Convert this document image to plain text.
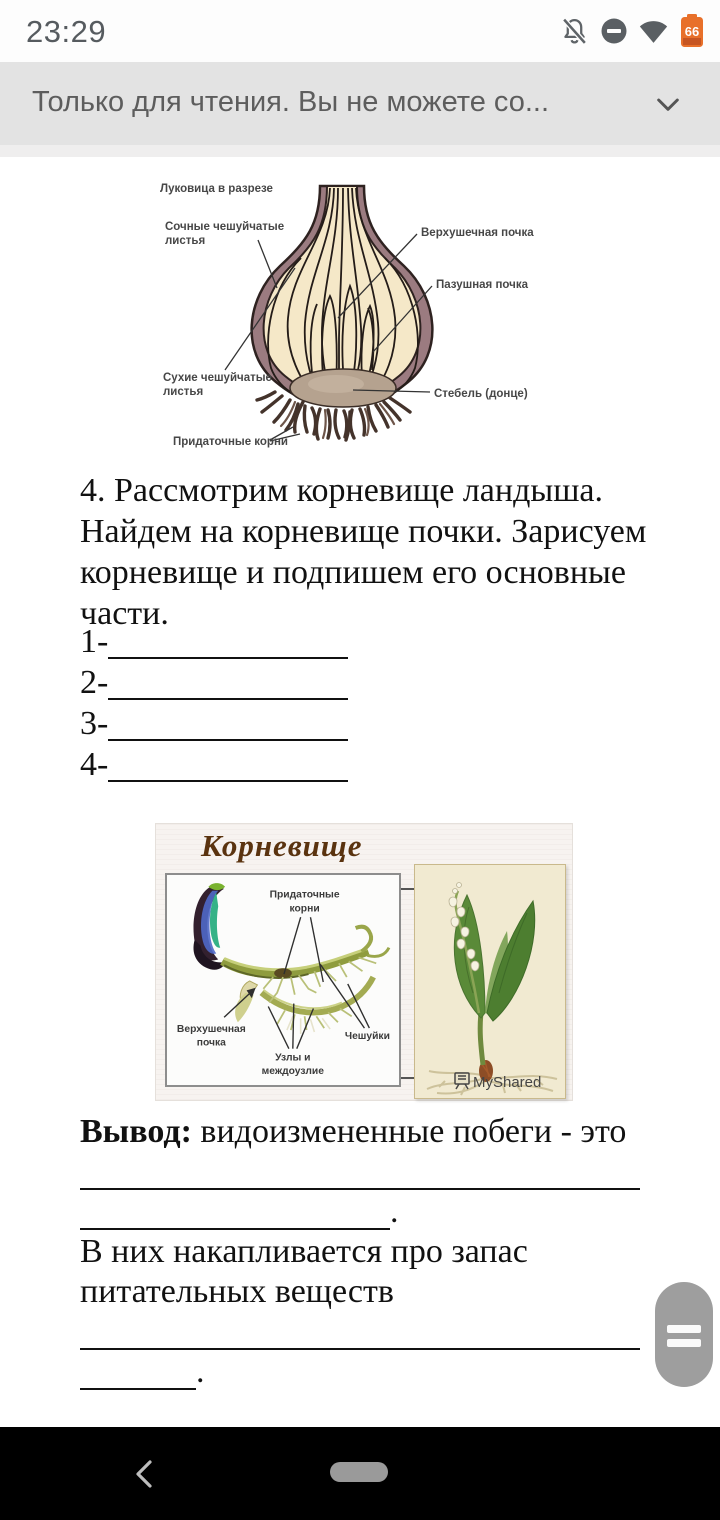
23:29	66
Только для чтения. Вы не можете со...
Луковица в разрезе
Сочные чешуйчатые
листья
Верхушечная почка
Пазушная почка
Сухие чешуйчатые
листья	Стебель (донце)
Придаточные корни
4. Рассмотрим корневище ландыша.
Найдем на корневище почки. Зарисуем
корневище и подпишем его основные
части.
1-
2-
3-
4-
Корневище
Придаточные
корни
Верхушечная
почка
Узлы и
междоузлие
Чешуйки
MyShared
Вывод: видоизмененные побеги - это
.
В них накапливается про запас
питательных веществ
.
